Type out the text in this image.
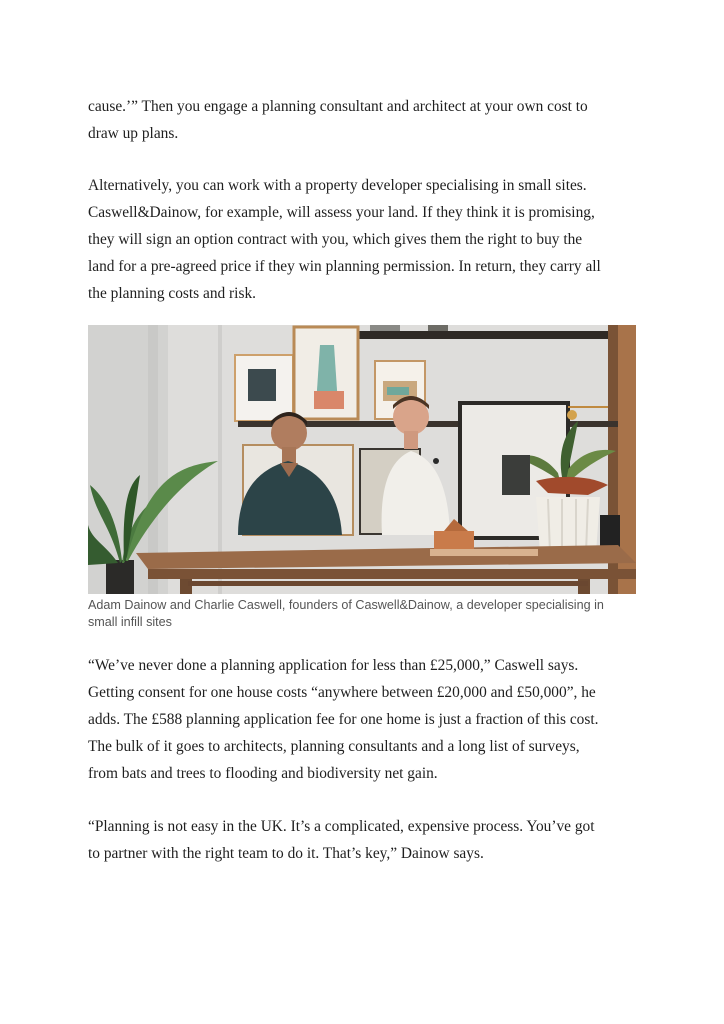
cause.’” Then you engage a planning consultant and architect at your own cost to
draw up plans.

Alternatively, you can work with a property developer specialising in small sites.
Caswell&Dainow, for example, will assess your land. If they think it is promising,
they will sign an option contract with you, which gives them the right to buy the
land for a pre-agreed price if they win planning permission. In return, they carry all
the planning costs and risk.

Adam Dainow and Charlie Caswell, founders of Caswell&Dainow, a developer specialising in
small infill sites

“We’ve never done a planning application for less than £25,000,” Caswell says.
Getting consent for one house costs “anywhere between £20,000 and £50,000”, he
adds. The £588 planning application fee for one home is just a fraction of this cost.
The bulk of it goes to architects, planning consultants and a long list of surveys,
from bats and trees to flooding and biodiversity net gain.

“Planning is not easy in the UK. It’s a complicated, expensive process. You’ve got
to partner with the right team to do it. That’s key,” Dainow says.
